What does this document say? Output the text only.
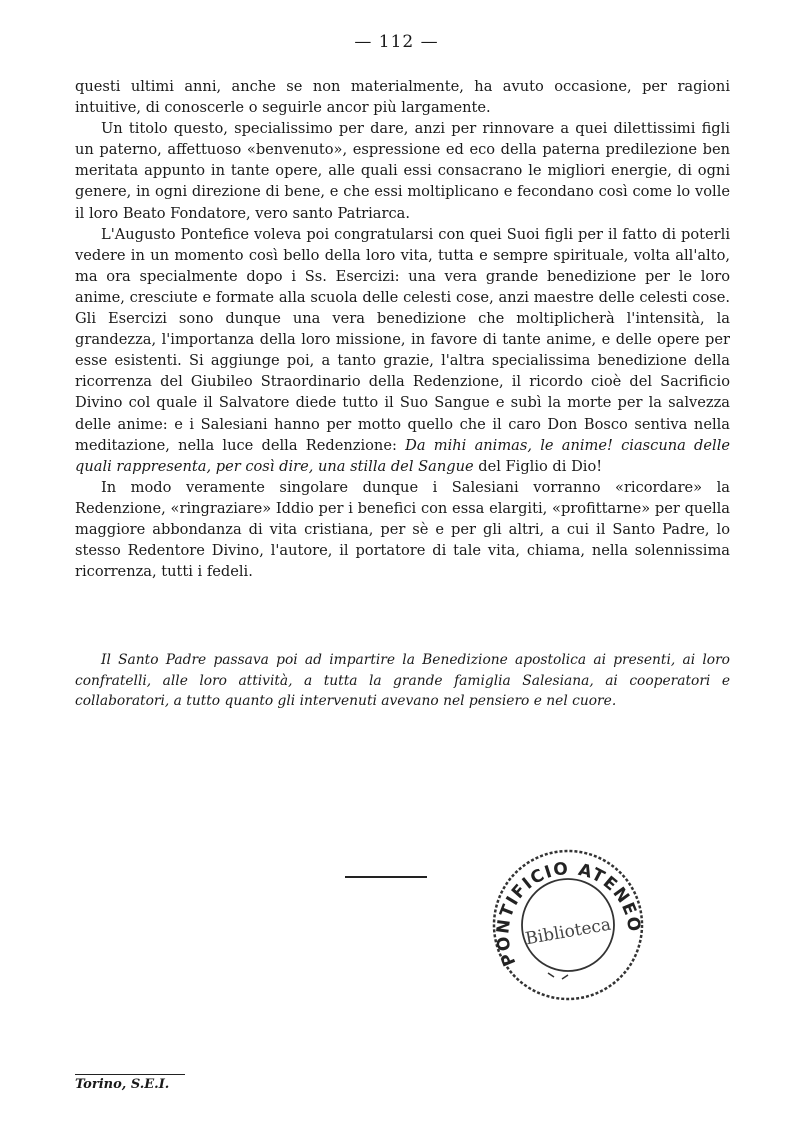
— 112 —

questi ultimi anni, anche se non materialmente, ha avuto occasione, per ragioni intuitive, di conoscerle o seguirle ancor più largamente.

Un titolo questo, specialissimo per dare, anzi per rinnovare a quei dilettissimi figli un paterno, affettuoso «benvenuto», espressione ed eco della paterna predilezione ben meritata appunto in tante opere, alle quali essi consacrano le migliori energie, di ogni genere, in ogni direzione di bene, e che essi moltiplicano e fecondano così come lo volle il loro Beato Fondatore, vero santo Patriarca.

L'Augusto Pontefice voleva poi congratularsi con quei Suoi figli per il fatto di poterli vedere in un momento così bello della loro vita, tutta e sempre spirituale, volta all'alto, ma ora specialmente dopo i Ss. Esercizi: una vera grande benedizione per le loro anime, cresciute e formate alla scuola delle celesti cose, anzi maestre delle celesti cose. Gli Esercizi sono dunque una vera benedizione che moltiplicherà l'intensità, la grandezza, l'importanza della loro missione, in favore di tante anime, e delle opere per esse esistenti. Si aggiunge poi, a tanto grazie, l'altra specialissima benedizione della ricorrenza del Giubileo Straordinario della Redenzione, il ricordo cioè del Sacrificio Divino col quale il Salvatore diede tutto il Suo Sangue e subì la morte per la salvezza delle anime: e i Salesiani hanno per motto quello che il caro Don Bosco sentiva nella meditazione, nella luce della Redenzione: Da mihi animas, le anime! ciascuna delle quali rappresenta, per così dire, una stilla del Sangue del Figlio di Dio!

In modo veramente singolare dunque i Salesiani vorranno «ricordare» la Redenzione, «ringraziare» Iddio per i benefici con essa elargiti, «profittarne» per quella maggiore abbondanza di vita cristiana, per sè e per gli altri, a cui il Santo Padre, lo stesso Redentore Divino, l'autore, il portatore di tale vita, chiama, nella solennissima ricorrenza, tutti i fedeli.

Il Santo Padre passava poi ad impartire la Benedizione apostolica ai presenti, ai loro confratelli, alle loro attività, a tutta la grande famiglia Salesiana, ai cooperatori e collaboratori, a tutto quanto gli intervenuti avevano nel pensiero e nel cuore.

PONTIFICIO ATENEO
Biblioteca
Torino, S.E.I.
